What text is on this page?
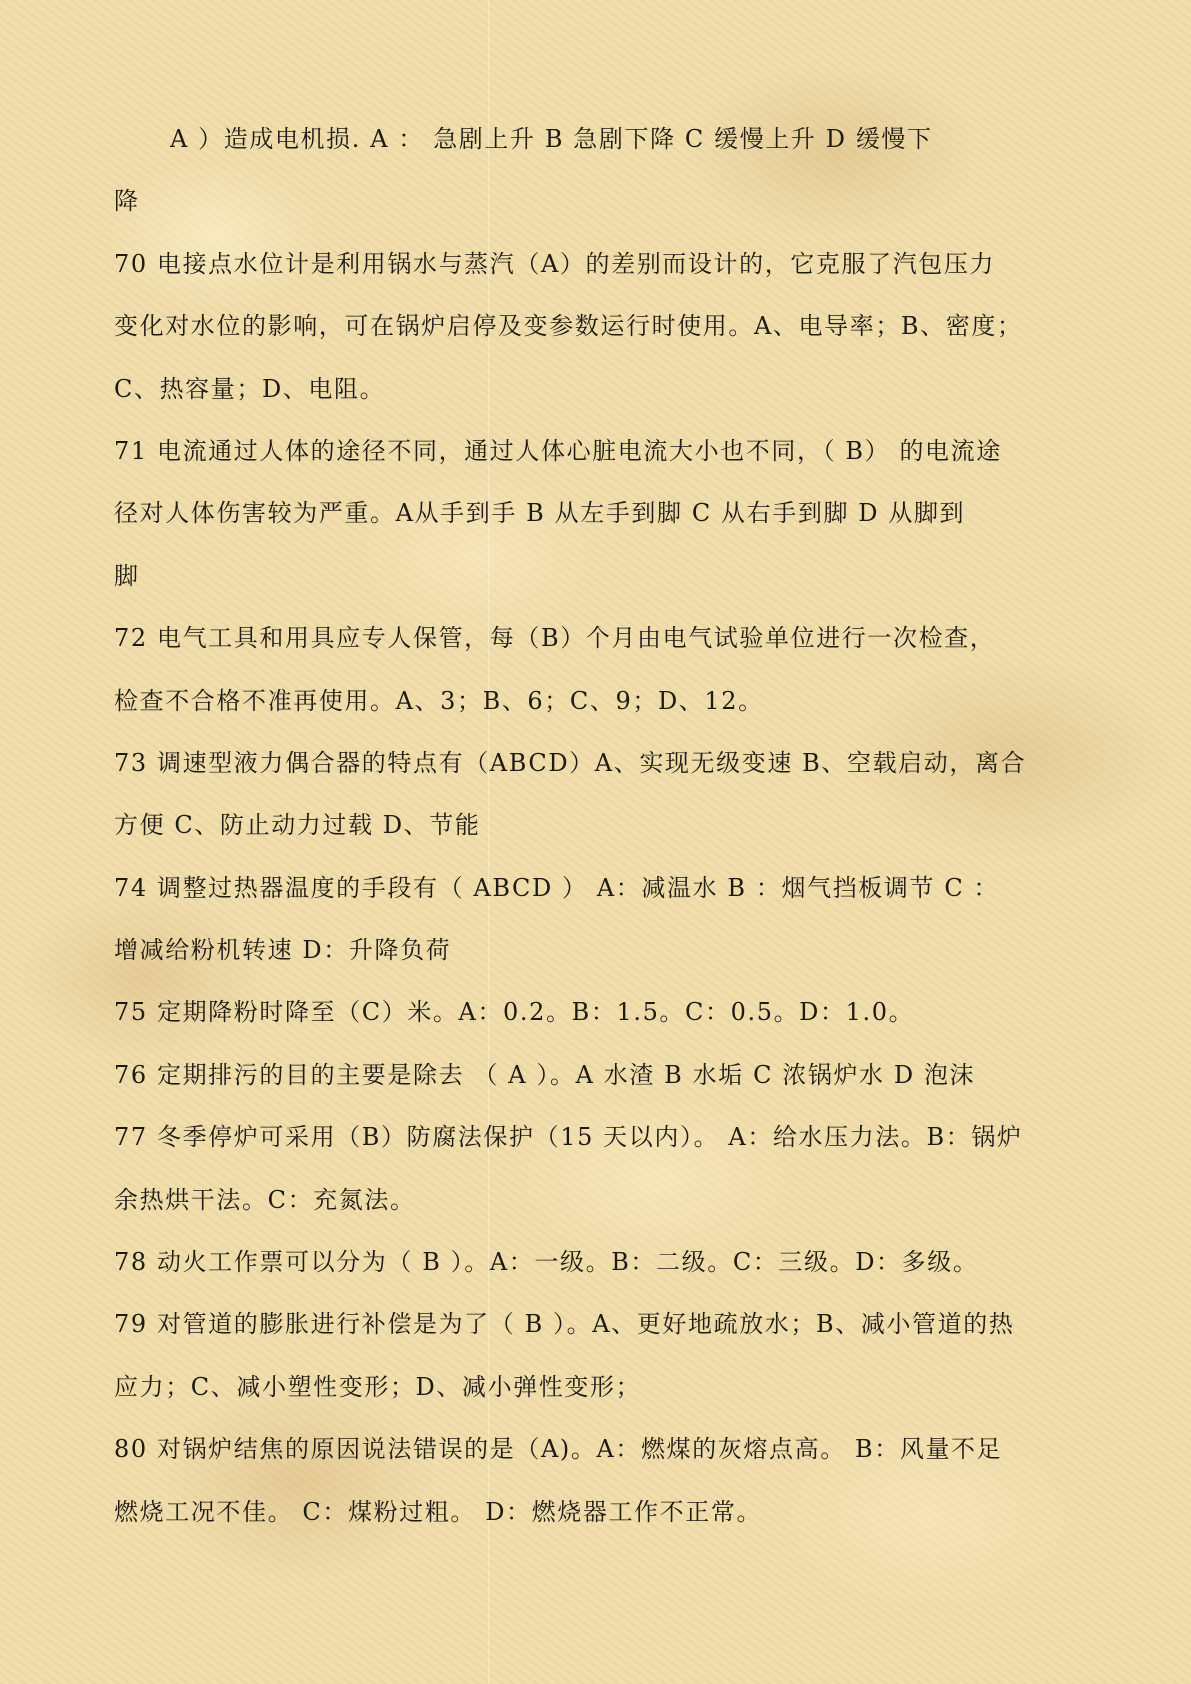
A ）造成电机损. A ： 急剧上升 B 急剧下降 C 缓慢上升 D 缓慢下
降
70 电接点水位计是利用锅水与蒸汽（A）的差别而设计的，它克服了汽包压力
变化对水位的影响，可在锅炉启停及变参数运行时使用。A、电导率；B、密度；
C、热容量；D、电阻。
71 电流通过人体的途径不同，通过人体心脏电流大小也不同，（ B） 的电流途
径对人体伤害较为严重。A从手到手 B 从左手到脚 C 从右手到脚 D 从脚到
脚
72 电气工具和用具应专人保管，每（B）个月由电气试验单位进行一次检查，
检查不合格不准再使用。A、3；B、6；C、9；D、12。
73 调速型液力偶合器的特点有（ABCD）A、实现无级变速 B、空载启动，离合
方便 C、防止动力过载 D、节能
74 调整过热器温度的手段有（ ABCD ） A：减温水 B ：烟气挡板调节 C ：
增减给粉机转速 D：升降负荷
75 定期降粉时降至（C）米。A：0.2。B：1.5。C：0.5。D：1.0。
76 定期排污的目的主要是除去 （ A ）。A 水渣 B 水垢 C 浓锅炉水 D 泡沫
77 冬季停炉可采用（B）防腐法保护（15 天以内）。 A：给水压力法。B：锅炉
余热烘干法。C：充氮法。
78 动火工作票可以分为（ B ）。A：一级。B：二级。C：三级。D：多级。
79 对管道的膨胀进行补偿是为了（ B ）。A、更好地疏放水；B、减小管道的热
应力；C、减小塑性变形；D、减小弹性变形；
80 对锅炉结焦的原因说法错误的是（A)。A：燃煤的灰熔点高。 B：风量不足
燃烧工况不佳。 C：煤粉过粗。 D：燃烧器工作不正常。
